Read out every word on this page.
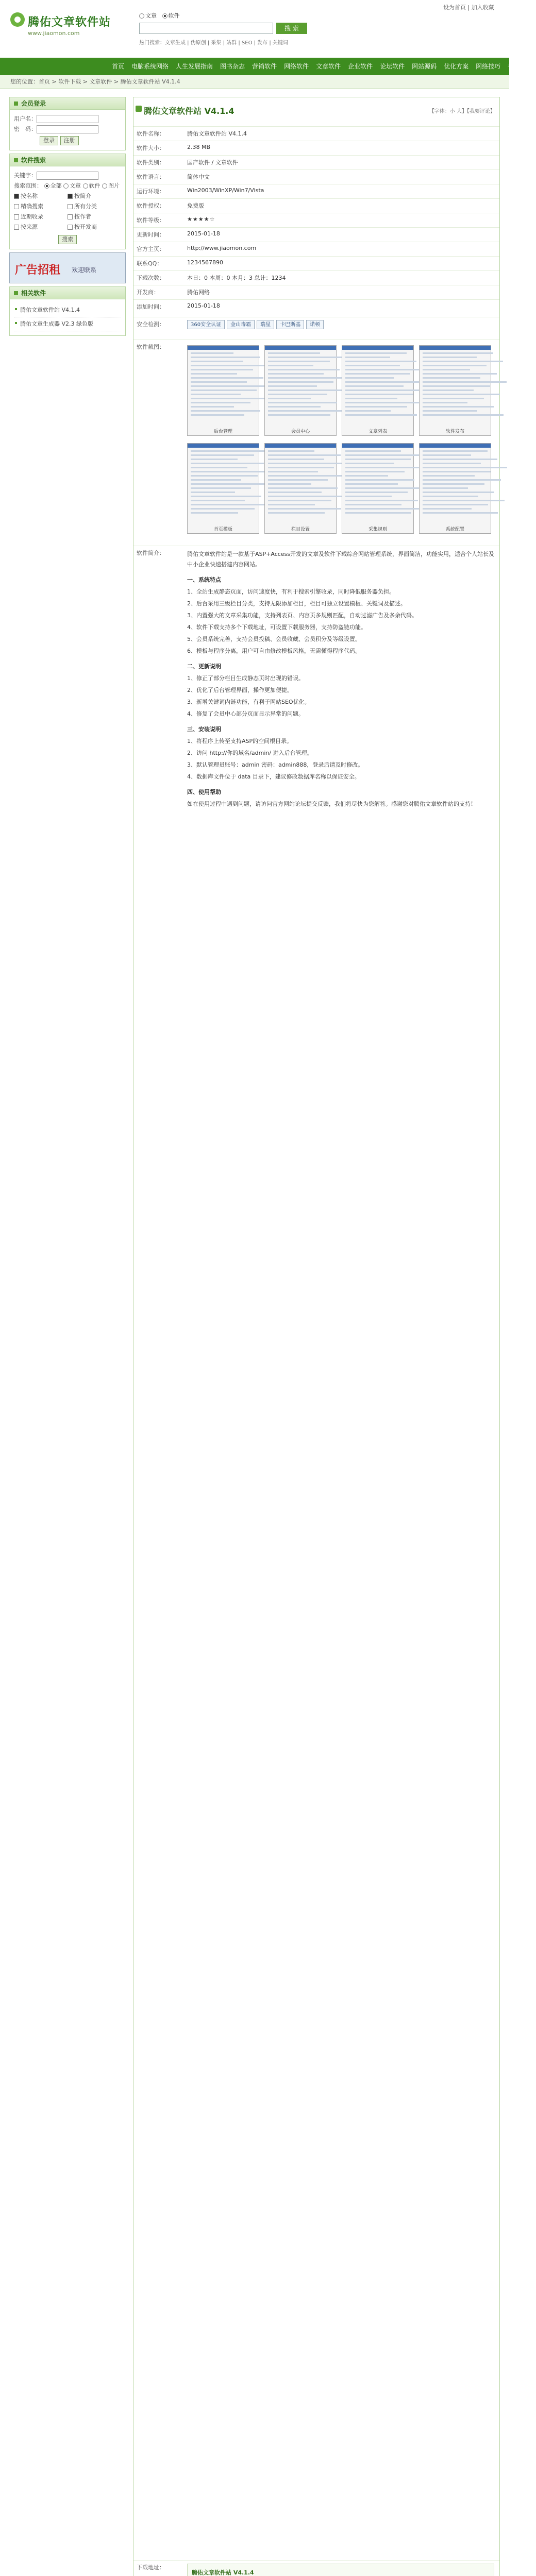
腾佑文章软件站
www.jiaomon.com
文章 软件
搜 索
热门搜索：文章生成 | 伪原创 | 采集 | 站群 | SEO | 发布 | 关键词
设为首页 | 加入收藏
首页	电脑系统网络	人生发展指南	图书杂志	营销软件	网络软件	文章软件	企业软件	论坛软件	网站源码	优化方案	网络技巧	手机软件
您的位置：首页 > 软件下载 > 文章软件 > 腾佑文章软件站 V4.1.4
会员登录
用户名：
密　码：
登录 注册
软件搜索
关键字：
搜索范围： 全部 文章 软件 图片
按名称	按简介
精确搜索	所有分类
近期收录	按作者
按来源	按开发商
搜索
广告招租 欢迎联系
相关软件
腾佑文章软件站 V4.1.4
腾佑文章生成器 V2.3 绿色版
腾佑文章软件站 V4.1.4	【字体：小 大】【我要评论】
软件名称：	腾佑文章软件站 V4.1.4
软件大小：	2.38 MB
软件类别：	国产软件 / 文章软件
软件语言：	简体中文
运行环境：	Win2003/WinXP/Win7/Vista
软件授权：	免费版
软件等级：	★★★★☆
更新时间：	2015-01-18
官方主页：	http://www.jiaomon.com
联系QQ：	1234567890
下载次数：	本日：0 本周：0 本月：3 总计：1234
开发商：	腾佑网络
添加时间：	2015-01-18
安全检测：	360安全认证 金山毒霸 瑞星 卡巴斯基 诺顿
软件截图：
后台管理	会员中心	文章列表	软件发布
首页模板	栏目设置	采集规则	系统配置
软件简介：	腾佑文章软件站是一款基于ASP+Access开发的文章及软件下载综合网站管理系统，界面简洁，功能实用，适合个人站长及中小企业快速搭建内容网站。

一、系统特点

1、全站生成静态页面，访问速度快，有利于搜索引擎收录，同时降低服务器负担。

2、后台采用三级栏目分类，支持无限添加栏目，栏目可独立设置模板、关键词及描述。

3、内置强大的文章采集功能，支持列表页、内容页多规则匹配，自动过滤广告及多余代码。

4、软件下载支持多个下载地址，可设置下载服务器，支持防盗链功能。

5、会员系统完善，支持会员投稿、会员收藏、会员积分及等级设置。

6、模板与程序分离，用户可自由修改模板风格，无需懂得程序代码。

二、更新说明

1、修正了部分栏目生成静态页时出现的错误。

2、优化了后台管理界面，操作更加便捷。

3、新增关键词内链功能，有利于网站SEO优化。

4、修复了会员中心部分页面显示异常的问题。

三、安装说明

1、将程序上传至支持ASP的空间根目录。

2、访问 http://你的域名/admin/ 进入后台管理。

3、默认管理员账号：admin 密码：admin888，登录后请及时修改。

4、数据库文件位于 data 目录下，建议修改数据库名称以保证安全。

四、使用帮助

如在使用过程中遇到问题，请访问官方网站论坛提交反馈，我们将尽快为您解答。感谢您对腾佑文章软件站的支持！

下载地址：
腾佑文章软件站 V4.1.4
